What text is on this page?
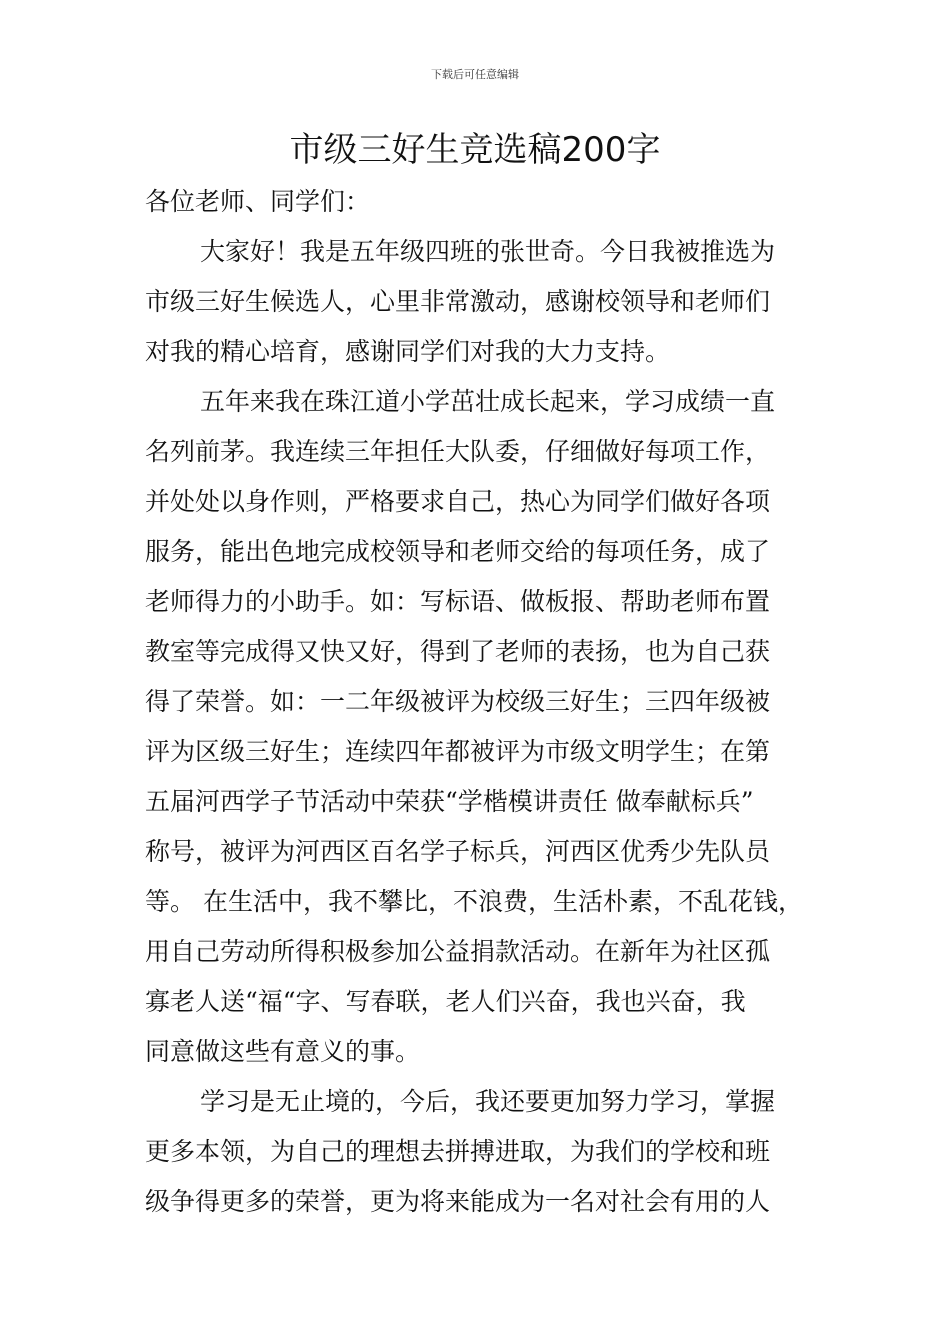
下载后可任意编辑
市级三好生竞选稿200字
各位老师、同学们：
大家好！我是五年级四班的张世奇。今日我被推选为
市级三好生候选人，心里非常激动，感谢校领导和老师们
对我的精心培育，感谢同学们对我的大力支持。
五年来我在珠江道小学茁壮成长起来，学习成绩一直
名列前茅。我连续三年担任大队委，仔细做好每项工作，
并处处以身作则，严格要求自己，热心为同学们做好各项
服务，能出色地完成校领导和老师交给的每项任务，成了
老师得力的小助手。如：写标语、做板报、帮助老师布置
教室等完成得又快又好，得到了老师的表扬，也为自己获
得了荣誉。如：一二年级被评为校级三好生；三四年级被
评为区级三好生；连续四年都被评为市级文明学生；在第
五届河西学子节活动中荣获“学楷模讲责任 做奉献标兵”
称号，被评为河西区百名学子标兵，河西区优秀少先队员
等。 在生活中，我不攀比，不浪费，生活朴素，不乱花钱，
用自己劳动所得积极参加公益捐款活动。在新年为社区孤
寡老人送“福“字、写春联，老人们兴奋，我也兴奋，我
同意做这些有意义的事。
学习是无止境的，今后，我还要更加努力学习，掌握
更多本领，为自己的理想去拼搏进取，为我们的学校和班
级争得更多的荣誉，更为将来能成为一名对社会有用的人
